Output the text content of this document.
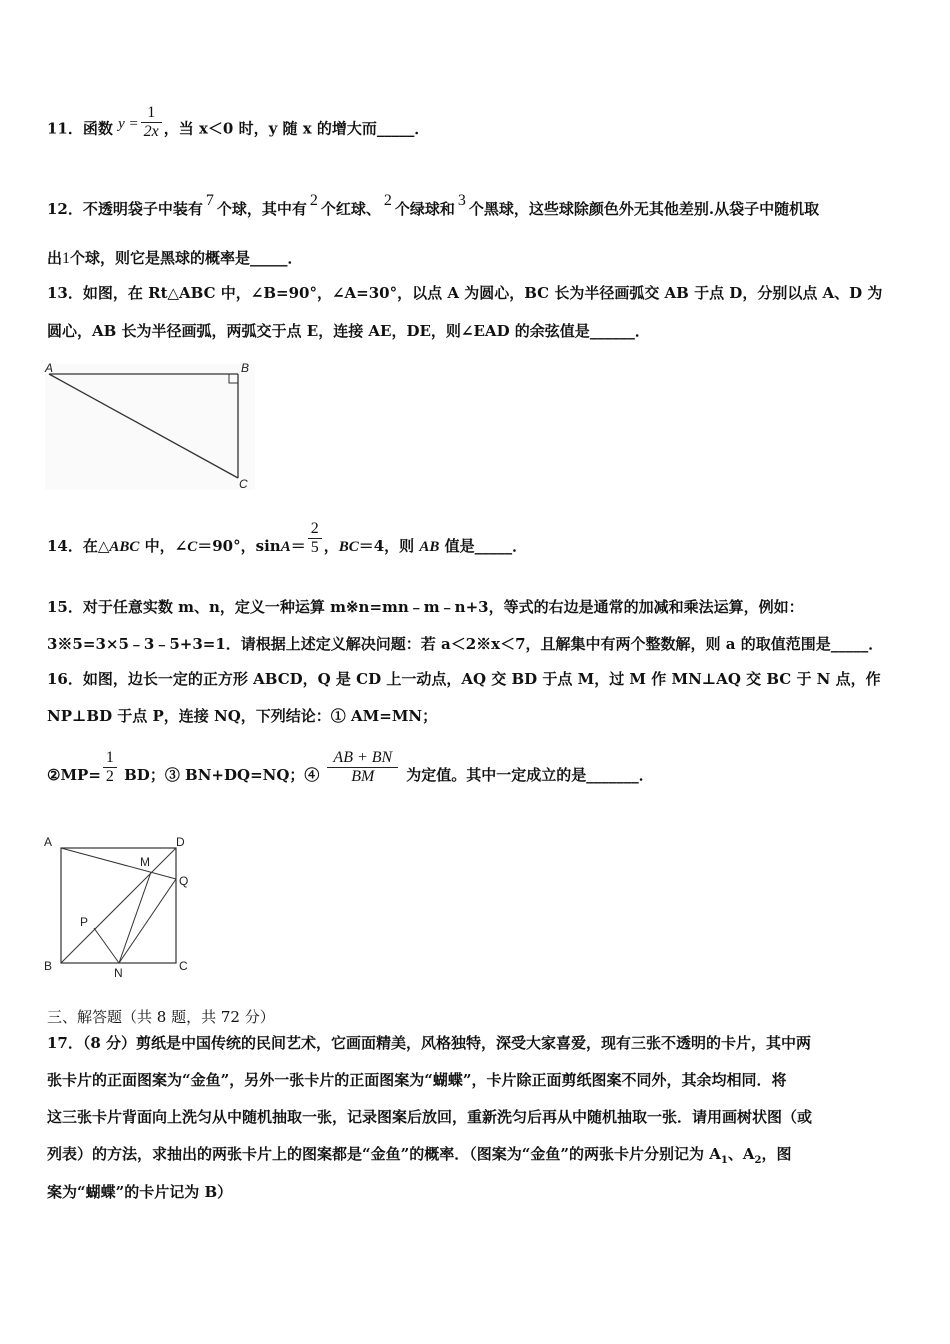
11．函数 $y = \frac{1}{2x}$ ，当 x＜0 时，y 随 x 的增大而_____．
12．不透明袋子中装有 7 个球，其中有 2 个红球、 2 个绿球和 3 个黑球，这些球除颜色外无其他差别.从袋子中随机取
出1个球，则它是黑球的概率是_____．
13．如图，在 Rt△ABC 中，∠B=90°，∠A=30°，以点 A 为圆心，BC 长为半径画弧交 AB 于点 D，分别以点 A、D 为
圆心，AB 长为半径画弧，两弧交于点 E，连接 AE，DE，则∠EAD 的余弦值是______．
A	B
C
14．在△ABC 中，∠C＝90°，$\sin A= \frac{2}{5}$ ，BC＝4，则 AB 值是_____．
15．对于任意实数 m、n，定义一种运算 m※n=mn﹣m﹣n+3，等式的右边是通常的加减和乘法运算，例如：
3※5=3×5﹣3﹣5+3=1．请根据上述定义解决问题：若 a＜2※x＜7，且解集中有两个整数解，则 a 的取值范围是_____．
16．如图，边长一定的正方形 ABCD，Q 是 CD 上一动点，AQ 交 BD 于点 M，过 M 作 MN⊥AQ 交 BC 于 N 点，作
NP⊥BD 于点 P，连接 NQ，下列结论：① AM=MN；
②MP= $\frac{1}{2}$ BD；③ BN+DQ=NQ；④ $\frac{AB + BN}{BM}$ 为定值。其中一定成立的是_______．
A	D
Q
M
P
B	N	C
三、解答题（共 8 题，共 72 分）
17．（8 分）剪纸是中国传统的民间艺术，它画面精美，风格独特，深受大家喜爱，现有三张不透明的卡片，其中两
张卡片的正面图案为“金鱼”，另外一张卡片的正面图案为“蝴蝶”，卡片除正面剪纸图案不同外，其余均相同．将
这三张卡片背面向上洗匀从中随机抽取一张，记录图案后放回，重新洗匀后再从中随机抽取一张．请用画树状图（或
列表）的方法，求抽出的两张卡片上的图案都是“金鱼”的概率．（图案为“金鱼”的两张卡片分别记为 $A_1$、$A_2$，图
案为“蝴蝶”的卡片记为 B）
